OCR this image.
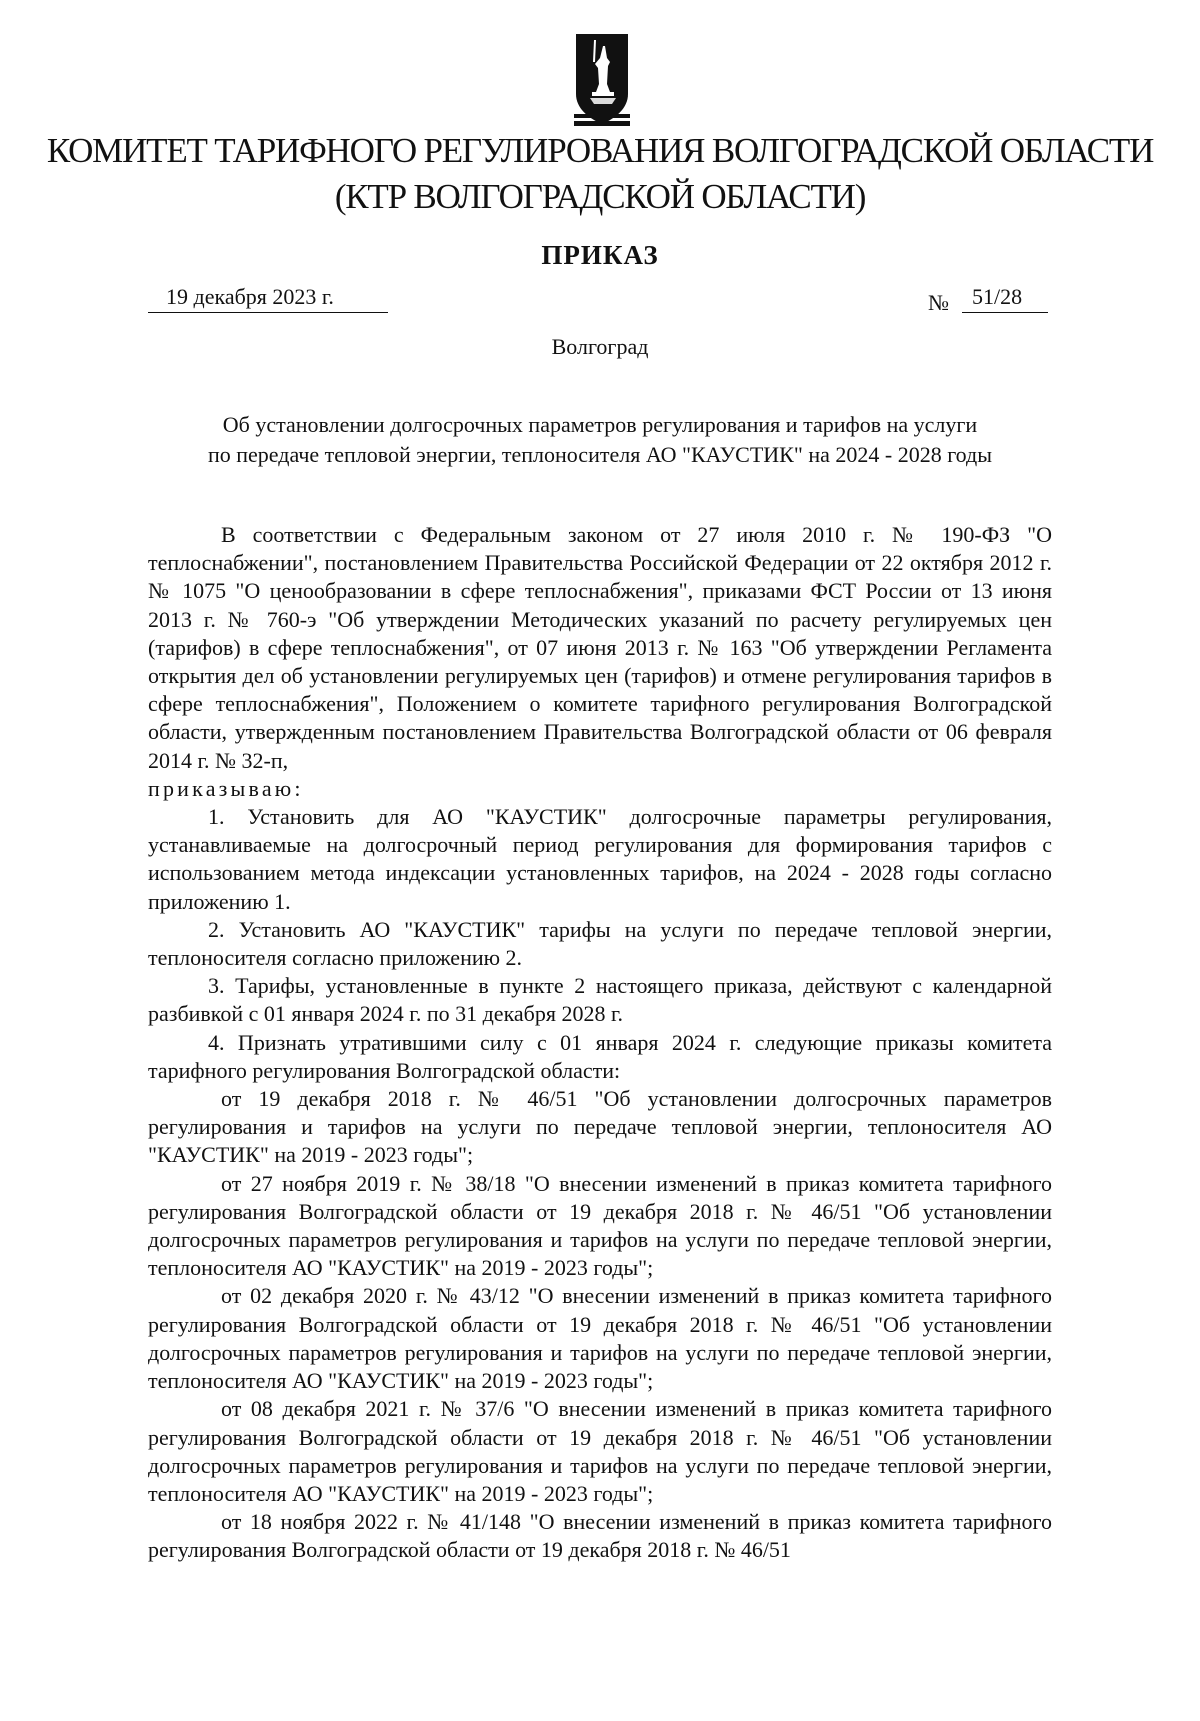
КОМИТЕТ ТАРИФНОГО РЕГУЛИРОВАНИЯ ВОЛГОГРАДСКОЙ ОБЛАСТИ
(КТР ВОЛГОГРАДСКОЙ ОБЛАСТИ)
ПРИКАЗ
19 декабря 2023 г.	№	51/28
Волгоград
Об установлении долгосрочных параметров регулирования и тарифов на услуги
по передаче тепловой энергии, теплоносителя АО "КАУСТИК" на 2024 - 2028 годы

В соответствии с Федеральным законом от 27 июля 2010 г. № 190-ФЗ "О теплоснабжении", постановлением Правительства Российской Федерации от 22 октября 2012 г. № 1075 "О ценообразовании в сфере теплоснабжения", приказами ФСТ России от 13 июня 2013 г. № 760-э "Об утверждении Методических указаний по расчету регулируемых цен (тарифов) в сфере теплоснабжения", от 07 июня 2013 г. № 163 "Об утверждении Регламента открытия дел об установлении регулируемых цен (тарифов) и отмене регулирования тарифов в сфере теплоснабжения", Положением о комитете тарифного регулирования Волгоградской области, утвержденным постановлением Правительства Волгоградской области от 06 февраля 2014 г. № 32-п,

приказываю:

1. Установить для АО "КАУСТИК" долгосрочные параметры регулирования, устанавливаемые на долгосрочный период регулирования для формирования тарифов с использованием метода индексации установленных тарифов, на 2024 - 2028 годы согласно приложению 1.

2. Установить АО "КАУСТИК" тарифы на услуги по передаче тепловой энергии, теплоносителя согласно приложению 2.

3. Тарифы, установленные в пункте 2 настоящего приказа, действуют с календарной разбивкой с 01 января 2024 г. по 31 декабря 2028 г.

4. Признать утратившими силу с 01 января 2024 г. следующие приказы комитета тарифного регулирования Волгоградской области:

от 19 декабря 2018 г. № 46/51 "Об установлении долгосрочных параметров регулирования и тарифов на услуги по передаче тепловой энергии, теплоносителя АО "КАУСТИК" на 2019 - 2023 годы";

от 27 ноября 2019 г. № 38/18 "О внесении изменений в приказ комитета тарифного регулирования Волгоградской области от 19 декабря 2018 г. № 46/51 "Об установлении долгосрочных параметров регулирования и тарифов на услуги по передаче тепловой энергии, теплоносителя АО "КАУСТИК" на 2019 - 2023 годы";

от 02 декабря 2020 г. № 43/12 "О внесении изменений в приказ комитета тарифного регулирования Волгоградской области от 19 декабря 2018 г. № 46/51 "Об установлении долгосрочных параметров регулирования и тарифов на услуги по передаче тепловой энергии, теплоносителя АО "КАУСТИК" на 2019 - 2023 годы";

от 08 декабря 2021 г. № 37/6 "О внесении изменений в приказ комитета тарифного регулирования Волгоградской области от 19 декабря 2018 г. № 46/51 "Об установлении долгосрочных параметров регулирования и тарифов на услуги по передаче тепловой энергии, теплоносителя АО "КАУСТИК" на 2019 - 2023 годы";

от 18 ноября 2022 г. № 41/148 "О внесении изменений в приказ комитета тарифного регулирования Волгоградской области от 19 декабря 2018 г. № 46/51
